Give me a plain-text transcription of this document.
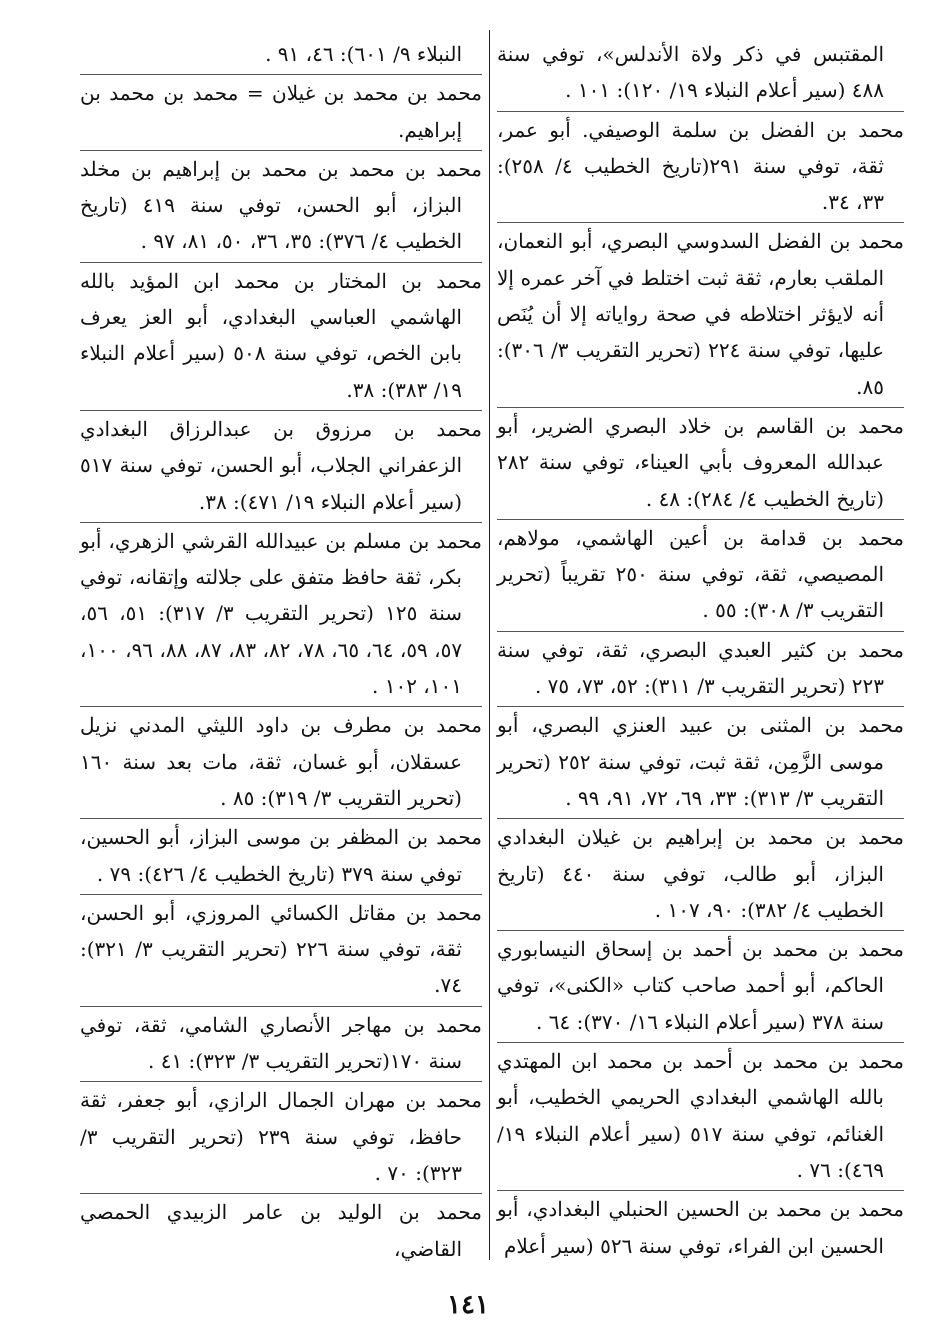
المقتبس في ذكر ولاة الأندلس»، توفي سنة ٤٨٨ (سير أعلام النبلاء ١٩/ ١٢٠): ١٠١ .

محمد بن الفضل بن سلمة الوصيفي. أبو عمر، ثقة، توفي سنة ٢٩١(تاريخ الخطيب ٤/ ٢٥٨): ٣٣، ٣٤.

محمد بن الفضل السدوسي البصري، أبو النعمان، الملقب بعارم، ثقة ثبت اختلط في آخر عمره إلا أنه لايؤثر اختلاطه في صحة رواياته إلا أن يُنَص عليها، توفي سنة ٢٢٤ (تحرير التقريب ٣/ ٣٠٦): ٨٥.

محمد بن القاسم بن خلاد البصري الضرير، أبو عبدالله المعروف بأبي العيناء، توفي سنة ٢٨٢ (تاريخ الخطيب ٤/ ٢٨٤): ٤٨ .

محمد بن قدامة بن أعين الهاشمي، مولاهم، المصيصي، ثقة، توفي سنة ٢٥٠ تقريباً (تحرير التقريب ٣/ ٣٠٨): ٥٥ .

محمد بن كثير العبدي البصري، ثقة، توفي سنة ٢٢٣ (تحرير التقريب ٣/ ٣١١): ٥٢، ٧٣، ٧٥ .

محمد بن المثنى بن عبيد العنزي البصري، أبو موسى الزَّمِن، ثقة ثبت، توفي سنة ٢٥٢ (تحرير التقريب ٣/ ٣١٣): ٣٣، ٦٩، ٧٢، ٩١، ٩٩ .

محمد بن محمد بن إبراهيم بن غيلان البغدادي البزاز، أبو طالب، توفي سنة ٤٤٠ (تاريخ الخطيب ٤/ ٣٨٢): ٩٠، ١٠٧ .

محمد بن محمد بن أحمد بن إسحاق النيسابوري الحاكم، أبو أحمد صاحب كتاب «الكنى»، توفي سنة ٣٧٨ (سير أعلام النبلاء ١٦/ ٣٧٠): ٦٤ .

محمد بن محمد بن أحمد بن محمد ابن المهتدي بالله الهاشمي البغدادي الحريمي الخطيب، أبو الغنائم، توفي سنة ٥١٧ (سير أعلام النبلاء ١٩/ ٤٦٩): ٧٦ .

محمد بن محمد بن الحسين الحنبلي البغدادي، أبو الحسين ابن الفراء، توفي سنة ٥٢٦ (سير أعلام

النبلاء ٩/ ٦٠١): ٤٦، ٩١ .

محمد بن محمد بن غيلان = محمد بن محمد بن إبراهيم.

محمد بن محمد بن محمد بن إبراهيم بن مخلد البزاز، أبو الحسن، توفي سنة ٤١٩ (تاريخ الخطيب ٤/ ٣٧٦): ٣٥، ٣٦، ٥٠، ٨١، ٩٧ .

محمد بن المختار بن محمد ابن المؤيد بالله الهاشمي العباسي البغدادي، أبو العز يعرف بابن الخص، توفي سنة ٥٠٨ (سير أعلام النبلاء ١٩/ ٣٨٣): ٣٨.

محمد بن مرزوق بن عبدالرزاق البغدادي الزعفراني الجلاب، أبو الحسن، توفي سنة ٥١٧ (سير أعلام النبلاء ١٩/ ٤٧١): ٣٨.

محمد بن مسلم بن عبيدالله القرشي الزهري، أبو بكر، ثقة حافظ متفق على جلالته وإتقانه، توفي سنة ١٢٥ (تحرير التقريب ٣/ ٣١٧): ٥١، ٥٦، ٥٧، ٥٩، ٦٤، ٦٥، ٧٨، ٨٢، ٨٣، ٨٧، ٨٨، ٩٦، ١٠٠، ١٠١، ١٠٢ .

محمد بن مطرف بن داود الليثي المدني نزيل عسقلان، أبو غسان، ثقة، مات بعد سنة ١٦٠ (تحرير التقريب ٣/ ٣١٩): ٨٥ .

محمد بن المظفر بن موسى البزاز، أبو الحسين، توفي سنة ٣٧٩ (تاريخ الخطيب ٤/ ٤٢٦): ٧٩ .

محمد بن مقاتل الكسائي المروزي، أبو الحسن، ثقة، توفي سنة ٢٢٦ (تحرير التقريب ٣/ ٣٢١): ٧٤.

محمد بن مهاجر الأنصاري الشامي، ثقة، توفي سنة ١٧٠(تحرير التقريب ٣/ ٣٢٣): ٤١ .

محمد بن مهران الجمال الرازي، أبو جعفر، ثقة حافظ، توفي سنة ٢٣٩ (تحرير التقريب ٣/ ٣٢٣): ٧٠ .

محمد بن الوليد بن عامر الزبيدي الحمصي القاضي،

١٤١
